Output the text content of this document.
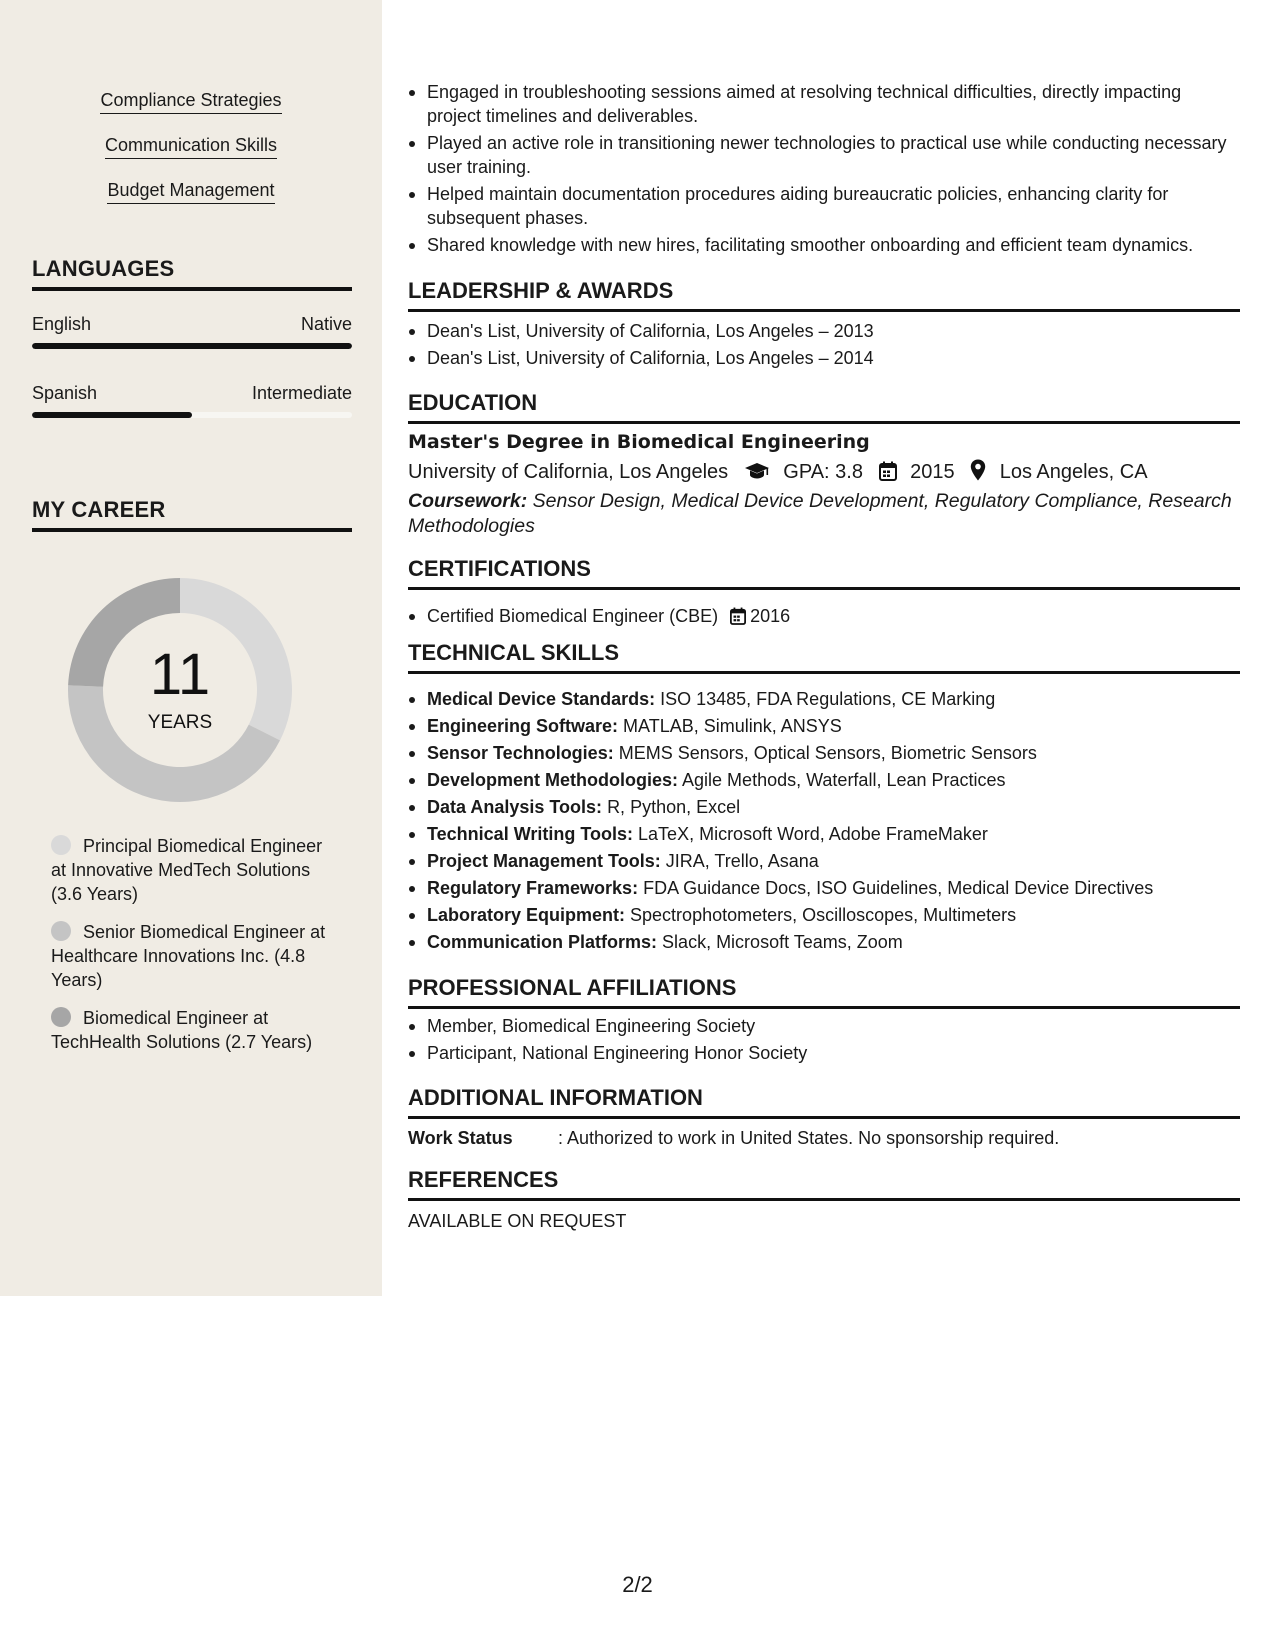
Compliance Strategies
Communication Skills
Budget Management
LANGUAGES
English	Native
Spanish	Intermediate
MY CAREER
11
YEARS
Principal Biomedical Engineer at Innovative MedTech Solutions (3.6 Years)
Senior Biomedical Engineer at Healthcare Innovations Inc. (4.8 Years)
Biomedical Engineer at TechHealth Solutions (2.7 Years)
Engaged in troubleshooting sessions aimed at resolving technical difficulties, directly impacting project timelines and deliverables.
Played an active role in transitioning newer technologies to practical use while conducting necessary user training.
Helped maintain documentation procedures aiding bureaucratic policies, enhancing clarity for subsequent phases.
Shared knowledge with new hires, facilitating smoother onboarding and efficient team dynamics.
LEADERSHIP & AWARDS
Dean's List, University of California, Los Angeles – 2013
Dean's List, University of California, Los Angeles – 2014
EDUCATION
Master's Degree in Biomedical Engineering
University of California, Los Angeles	GPA: 3.8 2015 Los Angeles, CA
Coursework: Sensor Design, Medical Device Development, Regulatory Compliance, Research Methodologies
CERTIFICATIONS
Certified Biomedical Engineer (CBE) 2016
TECHNICAL SKILLS
Medical Device Standards: ISO 13485, FDA Regulations, CE Marking
Engineering Software: MATLAB, Simulink, ANSYS
Sensor Technologies: MEMS Sensors, Optical Sensors, Biometric Sensors
Development Methodologies: Agile Methods, Waterfall, Lean Practices
Data Analysis Tools: R, Python, Excel
Technical Writing Tools: LaTeX, Microsoft Word, Adobe FrameMaker
Project Management Tools: JIRA, Trello, Asana
Regulatory Frameworks: FDA Guidance Docs, ISO Guidelines, Medical Device Directives
Laboratory Equipment: Spectrophotometers, Oscilloscopes, Multimeters
Communication Platforms: Slack, Microsoft Teams, Zoom
PROFESSIONAL AFFILIATIONS
Member, Biomedical Engineering Society
Participant, National Engineering Honor Society
ADDITIONAL INFORMATION
Work Status	: Authorized to work in United States. No sponsorship required.
REFERENCES
AVAILABLE ON REQUEST
2/2
